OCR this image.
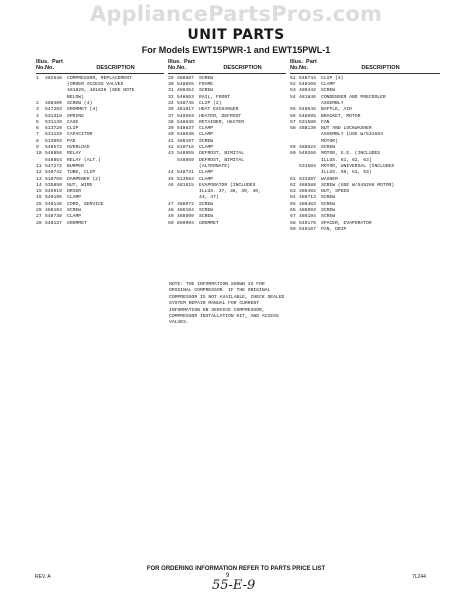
AppliancePartsPros.com
UNIT PARTS
For Models EWT15PWR-1 and EWT15PWL-1
Illus. Part
No. No.	DESCRIPTION
1	482546	COMPRESSOR, REPLACEMENT
(ORDER ACCESS VALVES
481825, 481826 (SEE NOTE
BELOW)
2	488400	SCREW (4)
3	547283	GROMMET (4)
4	531318	SPRING
5	531139	CASE
6	513720	CLIP
7	531129	CAPACITOR
8	513993	PAD
9	548572	OVERLOAD
10 548856	RELAY
548854	RELAY (ALT.)
11 547272	BUMPER
12 548742	TUBE, CLIP
13 510769	DAMPENER (2)
14 535850	NUT, WIRE
15 545919	DRIER
16 549195	CLAMP
25 549146	CORD, SERVICE
26 486194	SCREW
27 548738	CLAMP
28 548137	GROMMET
Illus. Part
No. No.	DESCRIPTION
29 488687	SCREW
30 548655	FRAME
31 488454	SCREW
32 548663	RAIL, FRONT
34 548745	CLIP (2)
36 481917	HEAT EXCHANGER
37 549593	HEATER, DEFROST
38 548636	RETAINER, HEATER
39 548637	CLAMP
40 548638	CLAMP
41 488197	SCREW
42 510716	CLAMP
43 548855	DEFROST, BIMITAL
548859	DEFROST, BIMITAL
(ALTERNATE)
44 548731	CLAMP
45 513584	CLAMP
46 481915	EVAPORATOR (INCLUDES
ILLUS. 37, 38, 39, 40,
44, 47)
47 486072	SCREW
48 486194	SCREW
49 488509	SCREW
50 850994	GROMMET
Illus. Part
No. No.	DESCRIPTION
51 548744	CLIP (3)
52 548108	CLAMP
53 488442	SCREW
54 481846	CONDENSER AND PRECOOLER
ASSEMBLY
55 548646	BAFFLE, AIR
56 548695	BRACKET, MOTOR
57 531580	FAN
58 488130	NUT AND LOCKWASHER
ASSEMBLY (USE W/531594
MOTOR)
59 488624	SCREW
60 549266	MOTOR, G.E. (INCLUDES
ILLUS. 61, 62, 63)
531594	MOTOR, UNIVERSAL (INCLUDES
ILLUS. 58, 61, 63)
61 531387	WASHER
62 488588	SCREW (USE W/549266 MOTOR)
63 486492	NUT, SPEED
64 488713	SCREW
65 488463	SCREW
66 486993	SCREW
67 486194	SCREW
68 549178	SPACER, EVAPORATOR
69 549187	PAN, DRIP
NOTE: THE INFORMATION SHOWN IS FOR ORIGINAL COMPRESSOR. IF THE ORIGINAL COMPRESSOR IS NOT AVAILABLE, CHECK SEALED SYSTEM REPAIR MANUAL FOR CURRENT INFORMATION ON SERVICE COMPRESSOR, COMPRESSOR INSTALLATION KIT, AND ACCESS VALVES.
FOR ORDERING INFORMATION REFER TO PARTS PRICE LIST
REV. A	9	7L244
55-E-9
